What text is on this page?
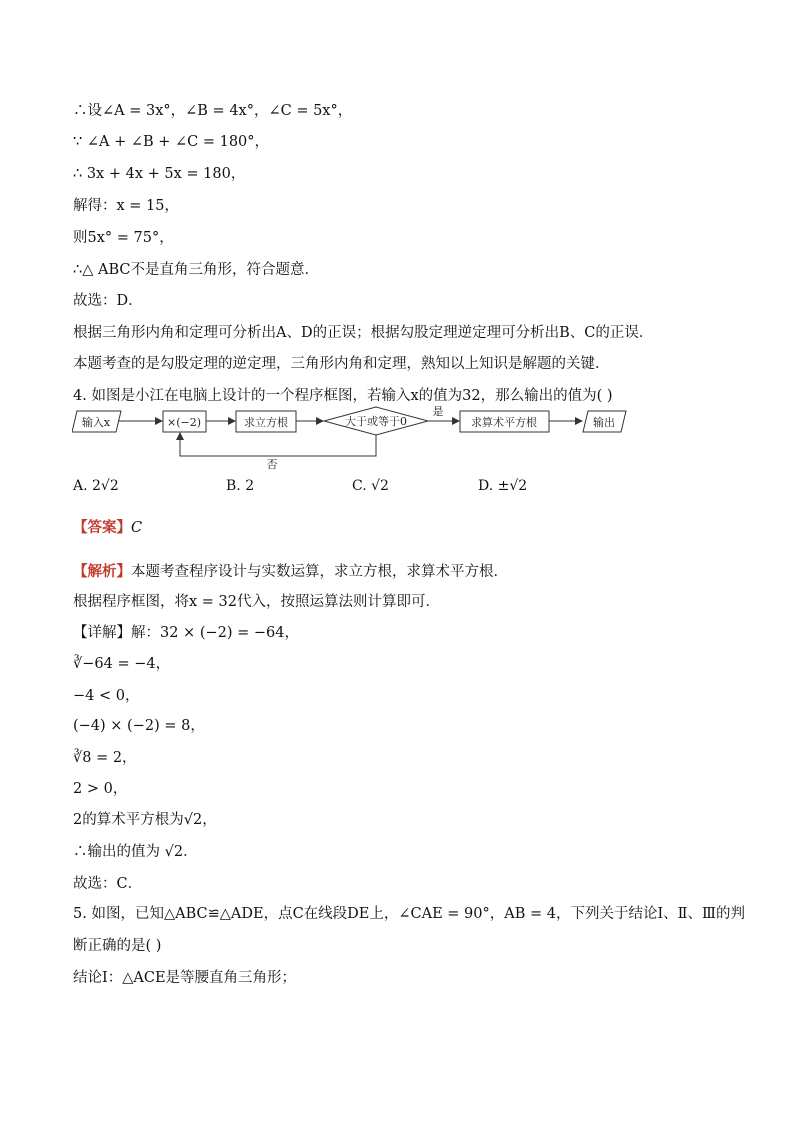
∴设∠A = 3x°，∠B = 4x°，∠C = 5x°，
∵ ∠A + ∠B + ∠C = 180°，
∴ 3x + 4x + 5x = 180，
解得：x = 15，
则5x° = 75°，
∴△ ABC不是直角三角形，符合题意．
故选：D．
根据三角形内角和定理可分析出A、D的正误；根据勾股定理逆定理可分析出B、C的正误．
本题考查的是勾股定理的逆定理，三角形内角和定理，熟知以上知识是解题的关键．
4. 如图是小江在电脑上设计的一个程序框图，若输入x的值为32，那么输出的值为( )
输入x	×(−2)	求立方根	大于或等于0
是
求算术平方根	输出
否
A. 2√2	B. 2	C. √2	D. ±√2
【答案】C
【解析】本题考查程序设计与实数运算，求立方根，求算术平方根．
根据程序框图，将x = 32代入，按照运算法则计算即可．
【详解】解：32 × (−2) = −64，
∛−64 = −4，
−4 < 0，
(−4) × (−2) = 8，
∛8 = 2，
2 > 0，
2的算术平方根为√2，
∴输出的值为 √2．
故选：C．
5. 如图，已知△ABC≌△ADE，点C在线段DE上，∠CAE = 90°，AB = 4，下列关于结论Ⅰ、Ⅱ、Ⅲ的判
断正确的是( )
结论Ⅰ：△ACE是等腰直角三角形；
